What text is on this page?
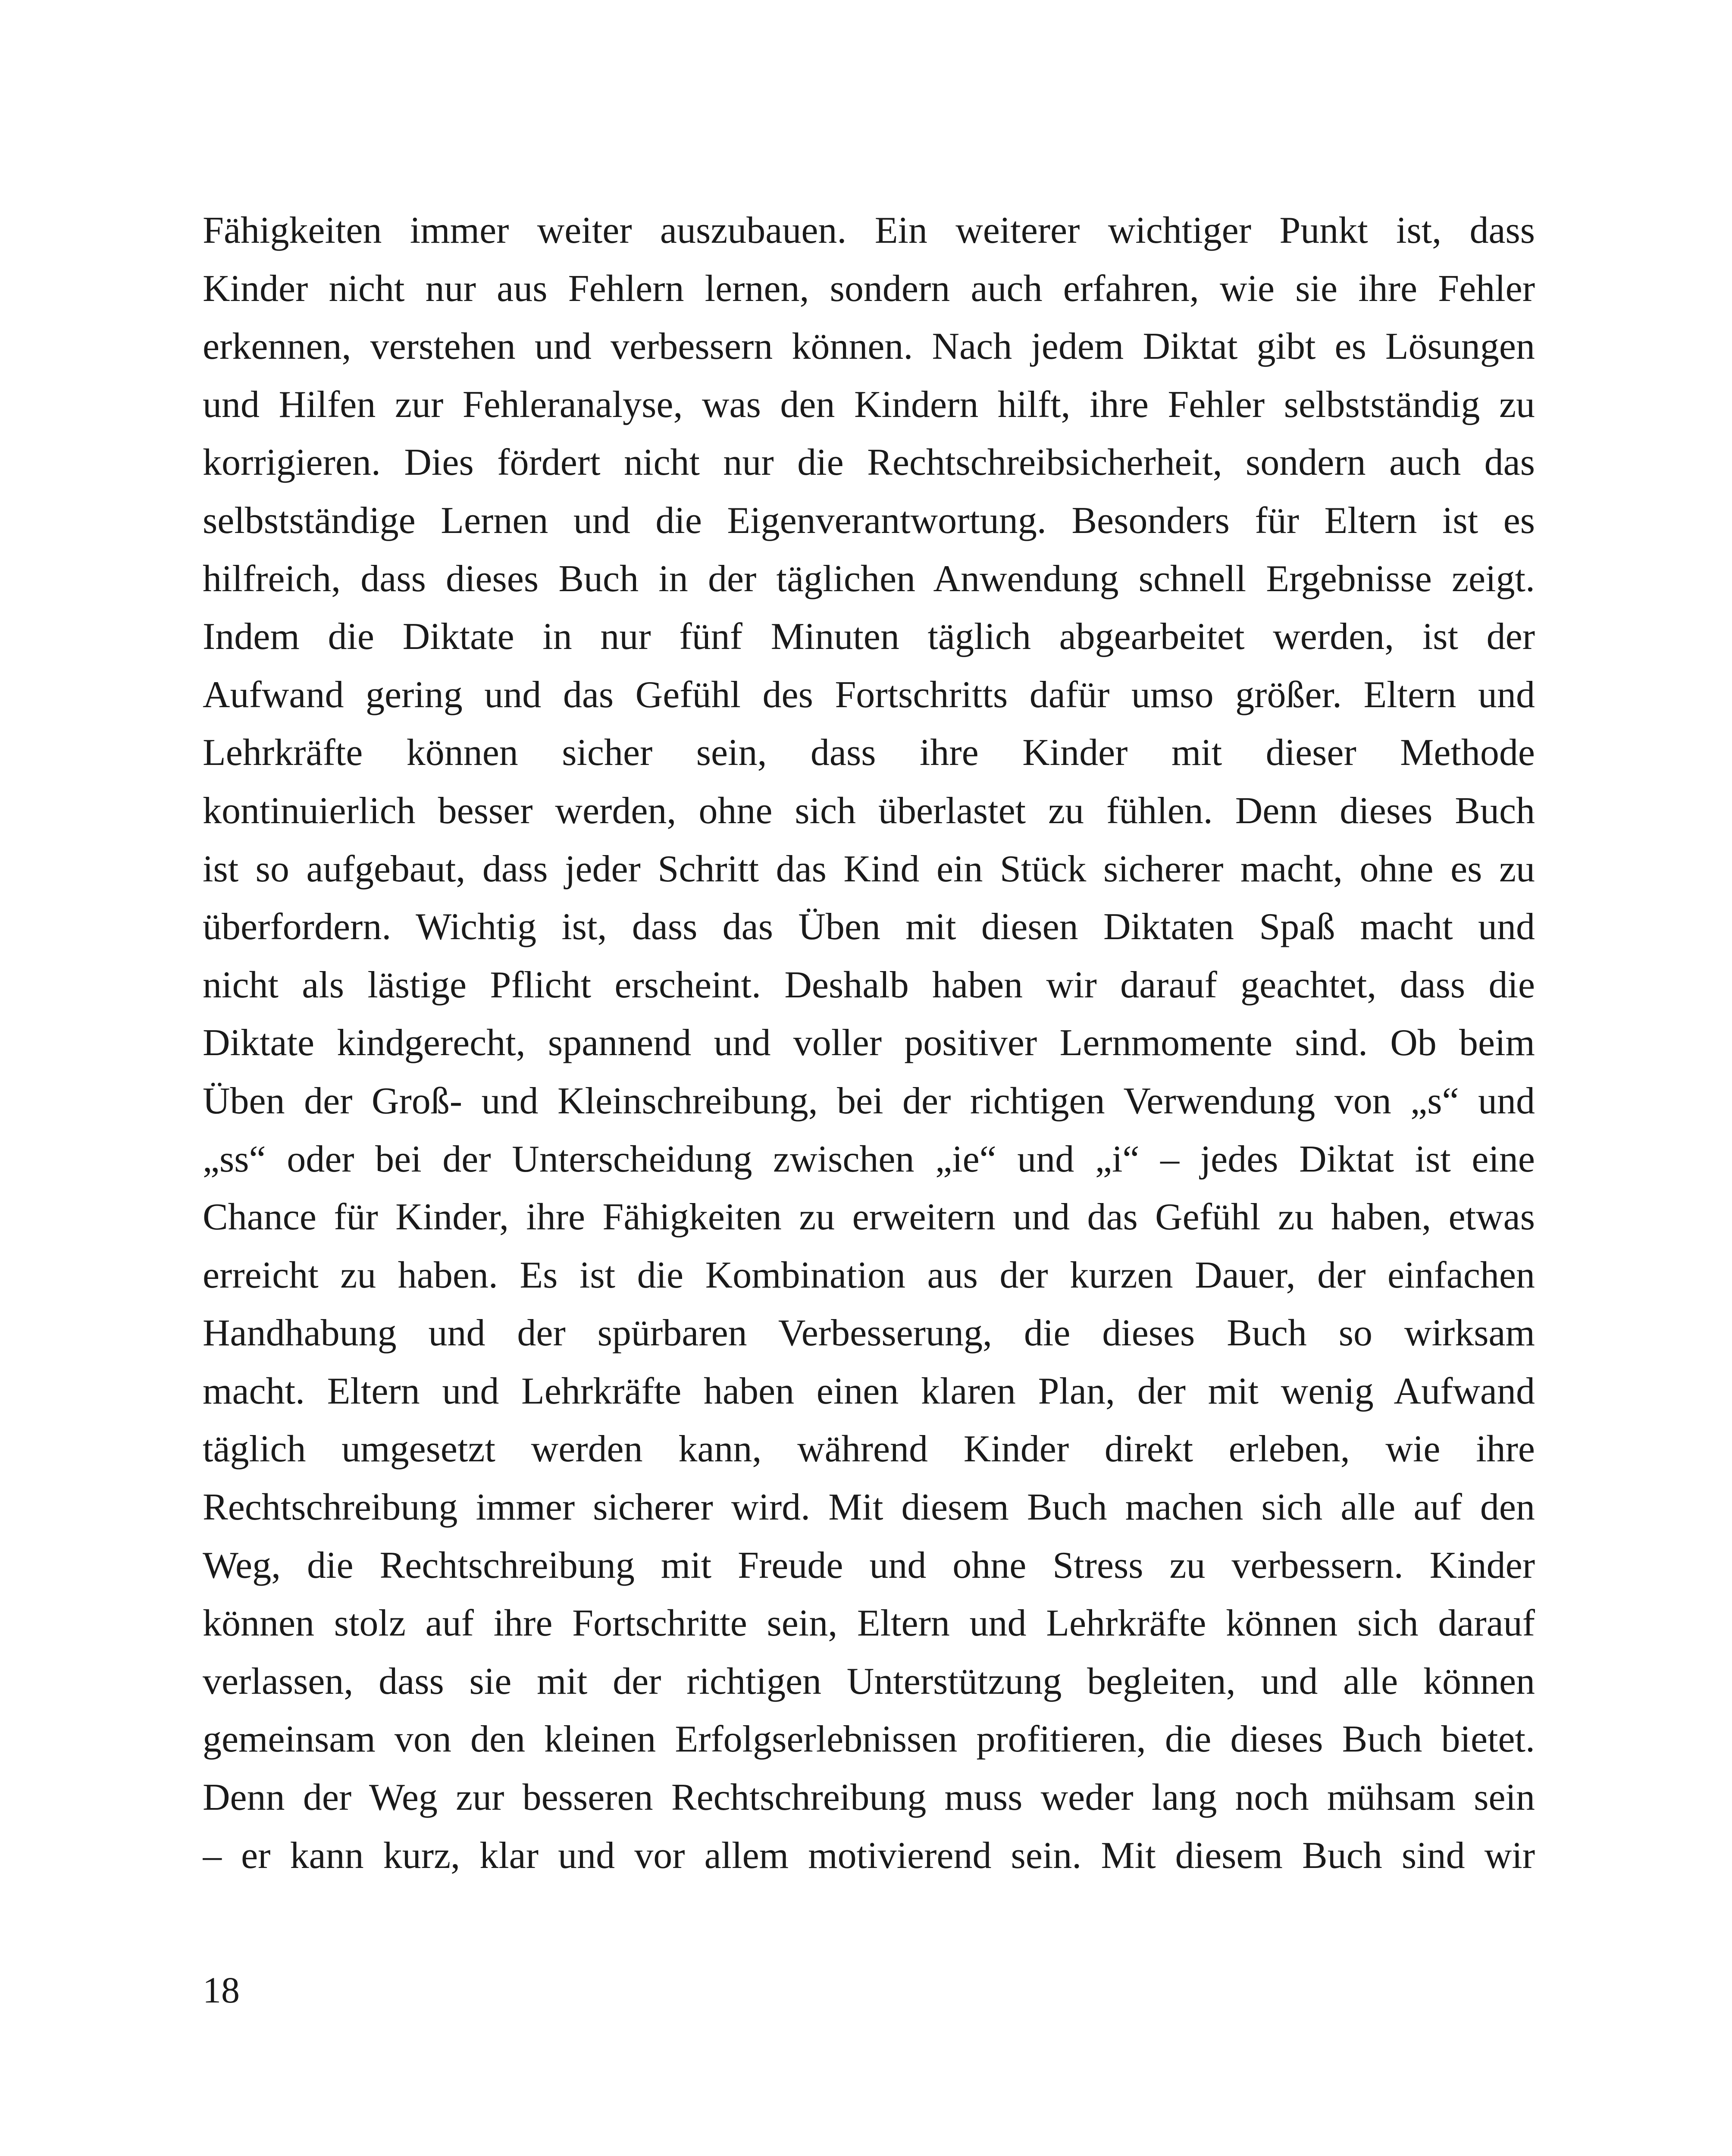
Fähigkeiten immer weiter auszubauen. Ein weiterer wichtiger Punkt ist, dass
Kinder nicht nur aus Fehlern lernen, sondern auch erfahren, wie sie ihre Fehler
erkennen, verstehen und verbessern können. Nach jedem Diktat gibt es Lösungen
und Hilfen zur Fehleranalyse, was den Kindern hilft, ihre Fehler selbstständig zu
korrigieren. Dies fördert nicht nur die Rechtschreibsicherheit, sondern auch das
selbstständige Lernen und die Eigenverantwortung. Besonders für Eltern ist es
hilfreich, dass dieses Buch in der täglichen Anwendung schnell Ergebnisse zeigt.
Indem die Diktate in nur fünf Minuten täglich abgearbeitet werden, ist der
Aufwand gering und das Gefühl des Fortschritts dafür umso größer. Eltern und
Lehrkräfte können sicher sein, dass ihre Kinder mit dieser Methode
kontinuierlich besser werden, ohne sich überlastet zu fühlen. Denn dieses Buch
ist so aufgebaut, dass jeder Schritt das Kind ein Stück sicherer macht, ohne es zu
überfordern. Wichtig ist, dass das Üben mit diesen Diktaten Spaß macht und
nicht als lästige Pflicht erscheint. Deshalb haben wir darauf geachtet, dass die
Diktate kindgerecht, spannend und voller positiver Lernmomente sind. Ob beim
Üben der Groß- und Kleinschreibung, bei der richtigen Verwendung von „s“ und
„ss“ oder bei der Unterscheidung zwischen „ie“ und „i“ – jedes Diktat ist eine
Chance für Kinder, ihre Fähigkeiten zu erweitern und das Gefühl zu haben, etwas
erreicht zu haben. Es ist die Kombination aus der kurzen Dauer, der einfachen
Handhabung und der spürbaren Verbesserung, die dieses Buch so wirksam
macht. Eltern und Lehrkräfte haben einen klaren Plan, der mit wenig Aufwand
täglich umgesetzt werden kann, während Kinder direkt erleben, wie ihre
Rechtschreibung immer sicherer wird. Mit diesem Buch machen sich alle auf den
Weg, die Rechtschreibung mit Freude und ohne Stress zu verbessern. Kinder
können stolz auf ihre Fortschritte sein, Eltern und Lehrkräfte können sich darauf
verlassen, dass sie mit der richtigen Unterstützung begleiten, und alle können
gemeinsam von den kleinen Erfolgserlebnissen profitieren, die dieses Buch bietet.
Denn der Weg zur besseren Rechtschreibung muss weder lang noch mühsam sein
– er kann kurz, klar und vor allem motivierend sein. Mit diesem Buch sind wir
18
